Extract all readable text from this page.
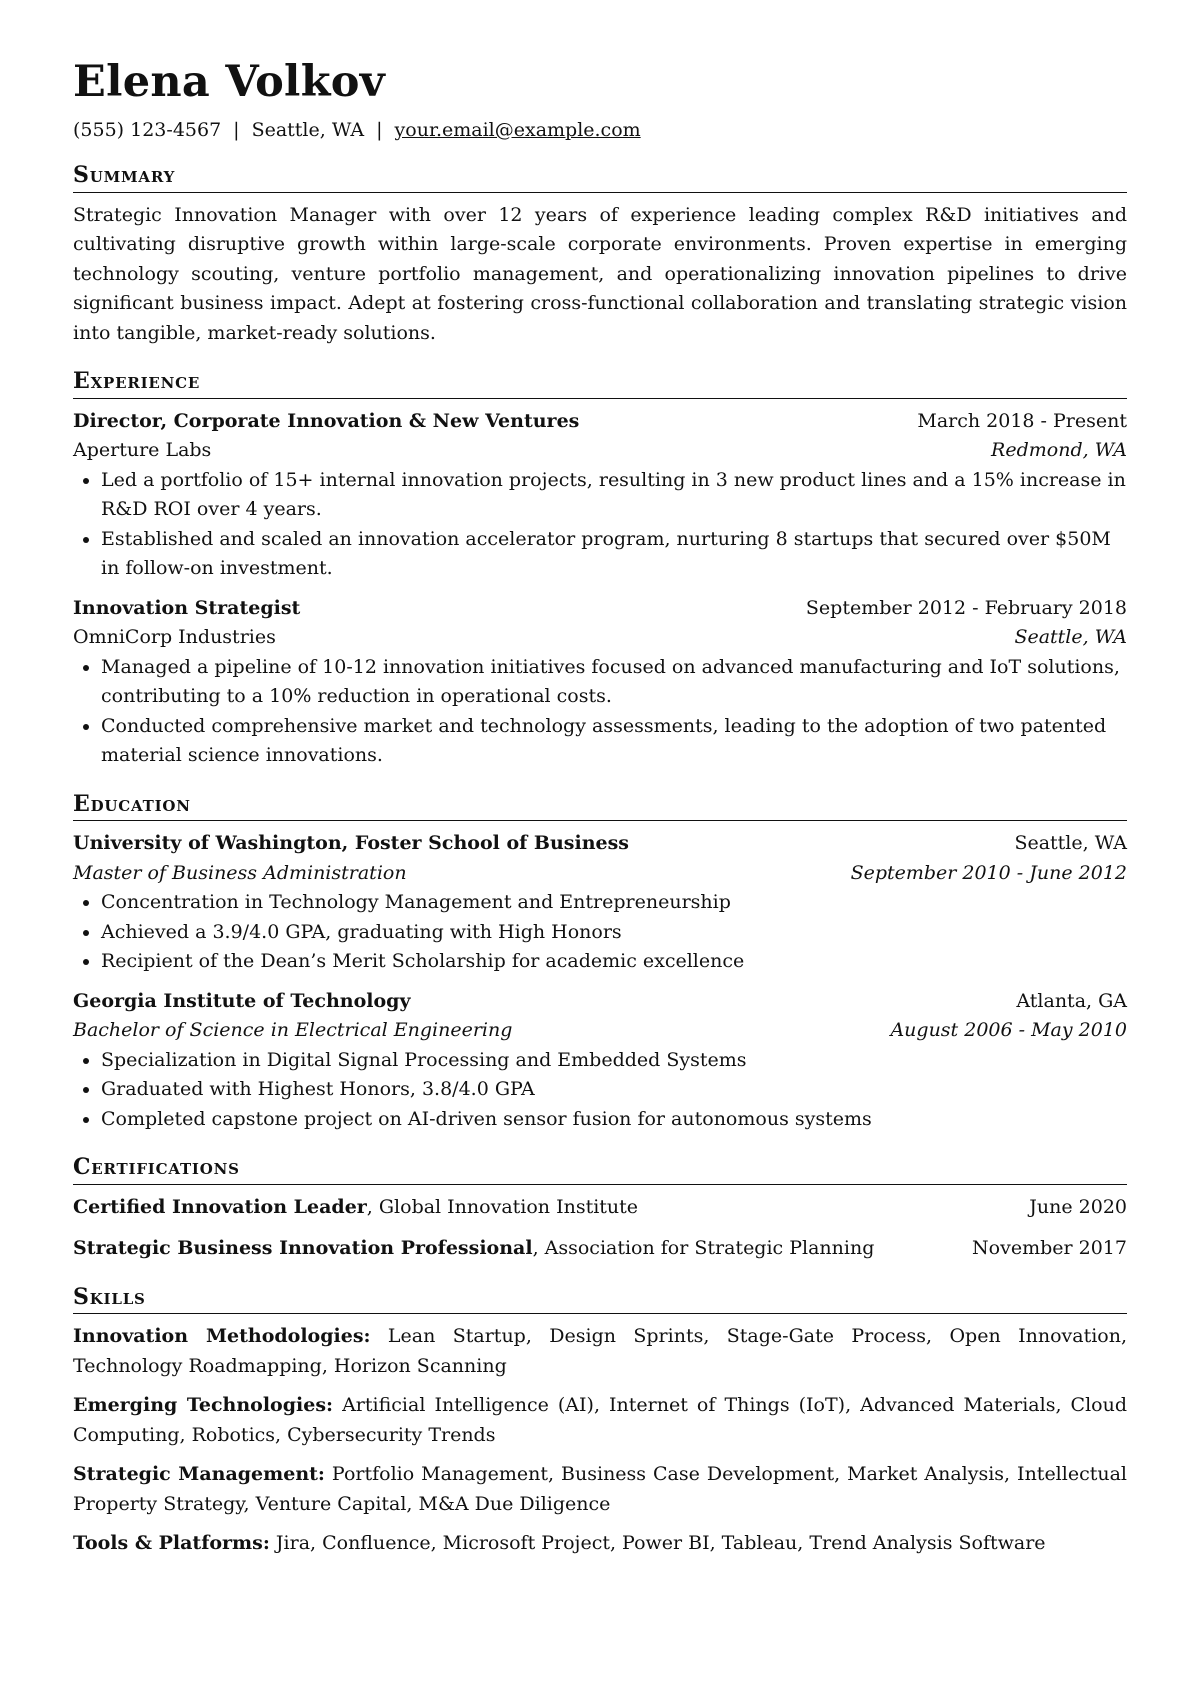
Elena Volkov
(555) 123-4567 | Seattle, WA | your.email@example.com
Summary
Strategic Innovation Manager with over 12 years of experience leading complex R&D initiatives and cultivating disruptive growth within large-scale corporate environments. Proven expertise in emerging technology scouting, venture portfolio management, and operationalizing innovation pipelines to drive significant business impact. Adept at fostering cross-functional collaboration and translating strategic vision into tangible, market-ready solutions.
Experience
Director, Corporate Innovation & New Ventures	March 2018 - Present
Aperture Labs	Redmond, WA
• Led a portfolio of 15+ internal innovation projects, resulting in 3 new product lines and a 15% increase in R&D ROI over 4 years.
• Established and scaled an innovation accelerator program, nurturing 8 startups that secured over $50M in follow-on investment.
Innovation Strategist	September 2012 - February 2018
OmniCorp Industries	Seattle, WA
• Managed a pipeline of 10-12 innovation initiatives focused on advanced manufacturing and IoT solutions, contributing to a 10% reduction in operational costs.
• Conducted comprehensive market and technology assessments, leading to the adoption of two patented material science innovations.
Education
University of Washington, Foster School of Business	Seattle, WA
Master of Business Administration	September 2010 - June 2012
• Concentration in Technology Management and Entrepreneurship
• Achieved a 3.9/4.0 GPA, graduating with High Honors
• Recipient of the Dean’s Merit Scholarship for academic excellence
Georgia Institute of Technology	Atlanta, GA
Bachelor of Science in Electrical Engineering	August 2006 - May 2010
• Specialization in Digital Signal Processing and Embedded Systems
• Graduated with Highest Honors, 3.8/4.0 GPA
• Completed capstone project on AI-driven sensor fusion for autonomous systems
Certifications
Certified Innovation Leader, Global Innovation Institute	June 2020
Strategic Business Innovation Professional, Association for Strategic Planning	November 2017
Skills
Innovation Methodologies: Lean Startup, Design Sprints, Stage-Gate Process, Open Innovation, Technology Roadmapping, Horizon Scanning
Emerging Technologies: Artificial Intelligence (AI), Internet of Things (IoT), Advanced Materials, Cloud Computing, Robotics, Cybersecurity Trends
Strategic Management: Portfolio Management, Business Case Development, Market Analysis, Intellectual Property Strategy, Venture Capital, M&A Due Diligence
Tools & Platforms: Jira, Confluence, Microsoft Project, Power BI, Tableau, Trend Analysis Software
